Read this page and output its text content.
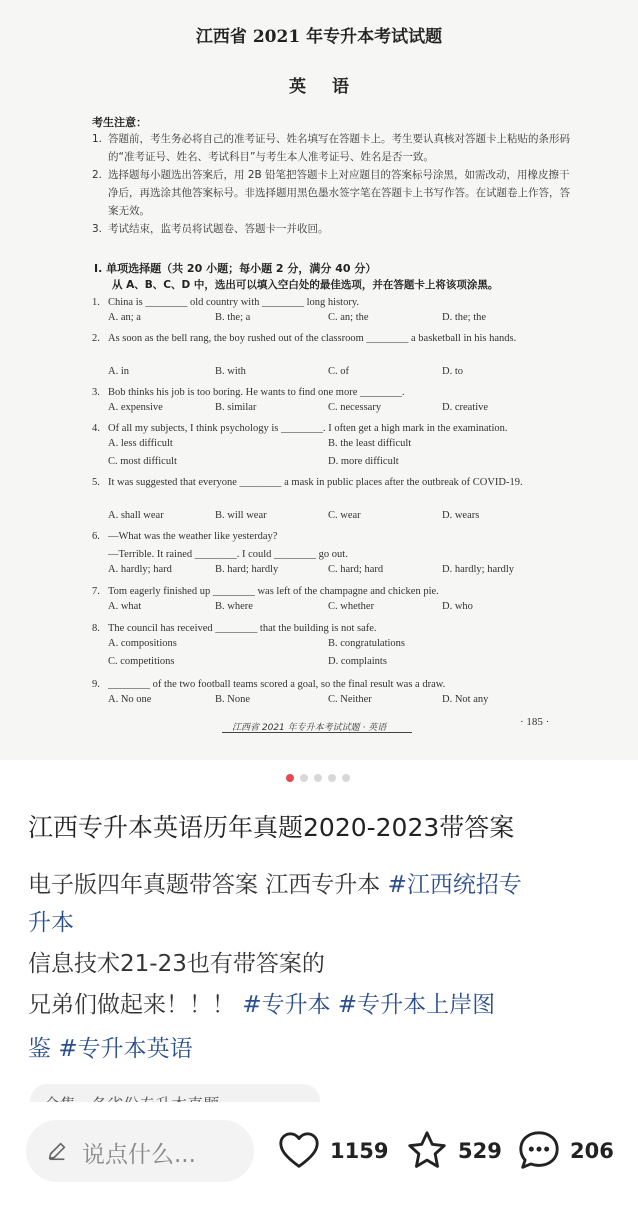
江西省 2021 年专升本考试试题
英语
考生注意：
1. 答题前，考生务必将自己的准考证号、姓名填写在答题卡上。考生要认真核对答题卡上粘贴的条形码的“准考证号、姓名、考试科目”与考生本人准考证号、姓名是否一致。
2. 选择题每小题选出答案后，用 2B 铅笔把答题卡上对应题目的答案标号涂黑，如需改动，用橡皮擦干净后，再选涂其他答案标号。非选择题用黑色墨水签字笔在答题卡上书写作答。在试题卷上作答，答案无效。
3. 考试结束，监考员将试题卷、答题卡一并收回。
Ⅰ. 单项选择题（共 20 小题；每小题 2 分，满分 40 分）
从 A、B、C、D 中，选出可以填入空白处的最佳选项，并在答题卡上将该项涂黑。
1. China is ________ old country with ________ long history.
A. an; a	B. the; a	C. an; the	D. the; the
2. As soon as the bell rang, the boy rushed out of the classroom ________ a basketball in his hands.
A. in	B. with	C. of	D. to
3. Bob thinks his job is too boring. He wants to find one more ________.
A. expensive	B. similar	C. necessary	D. creative
4. Of all my subjects, I think psychology is ________. I often get a high mark in the examination.
A. less difficult	B. the least difficult
C. most difficult	D. more difficult
5. It was suggested that everyone ________ a mask in public places after the outbreak of COVID-19.
A. shall wear	B. will wear	C. wear	D. wears
6. —What was the weather like yesterday?
—Terrible. It rained ________. I could ________ go out.
A. hardly; hard	B. hard; hardly	C. hard; hard	D. hardly; hardly
7. Tom eagerly finished up ________ was left of the champagne and chicken pie.
A. what	B. where	C. whether	D. who
8. The council has received ________ that the building is not safe.
A. compositions	B. congratulations
C. competitions	D. complaints
9. ________ of the two football teams scored a goal, so the final result was a draw.
A. No one	B. None	C. Neither	D. Not any
江西省 2021 年专升本考试试题 · 英语	· 185 ·
江西专升本英语历年真题2020-2023带答案
电子版四年真题带答案 江西专升本 #江西统招专
升本
信息技术21-23也有带答案的
兄弟们做起来！！！ #专升本 #专升本上岸图
鉴 #专升本英语
说点什么...	1159	529	206
